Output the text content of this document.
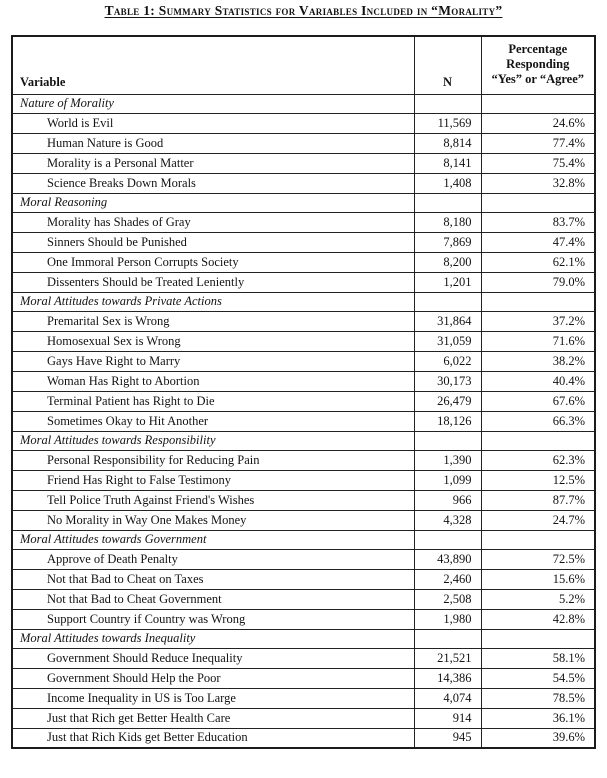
Table 1: Summary Statistics for Variables Included in “Morality”
Variable	N	Percentage Responding “Yes” or “Agree”
Nature of Morality		
World is Evil	11,569	24.6%
Human Nature is Good	8,814	77.4%
Morality is a Personal Matter	8,141	75.4%
Science Breaks Down Morals	1,408	32.8%
Moral Reasoning		
Morality has Shades of Gray	8,180	83.7%
Sinners Should be Punished	7,869	47.4%
One Immoral Person Corrupts Society	8,200	62.1%
Dissenters Should be Treated Leniently	1,201	79.0%
Moral Attitudes towards Private Actions		
Premarital Sex is Wrong	31,864	37.2%
Homosexual Sex is Wrong	31,059	71.6%
Gays Have Right to Marry	6,022	38.2%
Woman Has Right to Abortion	30,173	40.4%
Terminal Patient has Right to Die	26,479	67.6%
Sometimes Okay to Hit Another	18,126	66.3%
Moral Attitudes towards Responsibility		
Personal Responsibility for Reducing Pain	1,390	62.3%
Friend Has Right to False Testimony	1,099	12.5%
Tell Police Truth Against Friend's Wishes	966	87.7%
No Morality in Way One Makes Money	4,328	24.7%
Moral Attitudes towards Government		
Approve of Death Penalty	43,890	72.5%
Not that Bad to Cheat on Taxes	2,460	15.6%
Not that Bad to Cheat Government	2,508	5.2%
Support Country if Country was Wrong	1,980	42.8%
Moral Attitudes towards Inequality		
Government Should Reduce Inequality	21,521	58.1%
Government Should Help the Poor	14,386	54.5%
Income Inequality in US is Too Large	4,074	78.5%
Just that Rich get Better Health Care	914	36.1%
Just that Rich Kids get Better Education	945	39.6%
